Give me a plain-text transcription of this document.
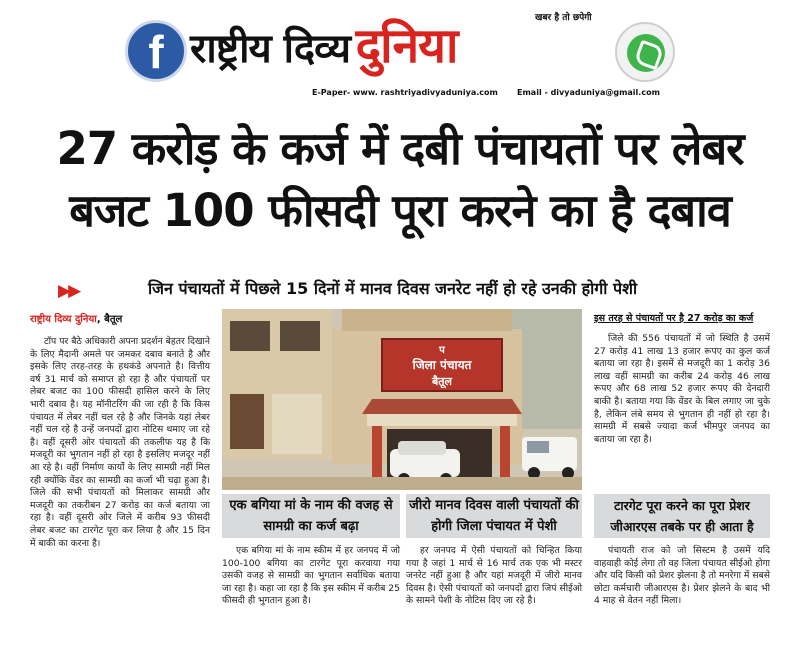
f राष्ट्रीय दिव्य दुनिया	खबर है तो छपेगी
E-Paper- www. rashtriyadivyaduniya.com Email - divyaduniya@gmail.com
27 करोड़ के कर्ज में दबी पंचायतों पर लेबर
बजट 100 फीसदी पूरा करने का है दबाव
▶▶	जिन पंचायतों में पिछले 15 दिनों में मानव दिवस जनरेट नहीं हो रहे उनकी होगी पेशी
राष्ट्रीय दिव्य दुनिया, बैतूल

टॉप पर बैठे अधिकारी अपना प्रदर्शन बेहतर दिखाने के लिए मैदानी अमले पर जमकर दबाव बनाते है और इसके लिए तरह-तरह के हथकंडे अपनाते है। वित्तीय वर्ष 31 मार्च को समाप्त हो रहा है और पंचायतों पर लेबर बजट का 100 फीसदी हासिल करने के लिए भारी दबाव है। यह मॉनीटरिंग की जा रही है कि किस पंचायत में लेबर नहीं चल रहे है और जिनके यहां लेबर नहीं चल रहे है उन्हें जनपदों द्वारा नोटिस थमाए जा रहे है। वहीं दूसरी ओर पंचायतों की तकलीफ यह है कि मजदूरी का भुगतान नहीं हो रहा है इसलिए मजदूर नहीं आ रहे है। वहीं निर्माण कार्यो के लिए सामग्री नहीं मिल रही क्योंकि वेंडर का सामग्री का कर्जा भी चढ़ा हुआ है। जिले की सभी पंचायतों को मिलाकर सामग्री और मजदूरी का तकरीबन 27 करोड़ का कर्ज बताया जा रहा है। वहीं दूसरी ओर जिले में करीब 93 फीसदी लेबर बजट का टारगेट पूरा कर लिया है और 15 दिन में बाकी का करना है।

प
जिला पंचायत
बैतूल
एक बगिया मां के नाम की वजह से सामग्री का कर्ज बढ़ा

एक बगिया मां के नाम स्कीम में हर जनपद में जो 100-100 बगिया का टारगेट पूरा करवाया गया उसकी वजह से सामग्री का भुगतान सर्वाधिक बताया जा रहा है। कहा जा रहा है कि इस स्कीम में करीब 25 फीसदी ही भुगतान हुआ है।

जीरो मानव दिवस वाली पंचायतों की होगी जिला पंचायत में पेशी

हर जनपद में ऐसी पंचायतों को चिन्हित किया गया है जहां 1 मार्च से 16 मार्च तक एक भी मस्टर जनरेट नहीं हुआ है और यहां मजदूरी में जीरो मानव दिवस है। ऐसी पंचायतों को जनपदों द्वारा जिपं सीईओ के सामने पेशी के नोटिस दिए जा रहे है।

इस तरह से पंचायतों पर है 27 करोड़ का कर्ज

जिले की 556 पंचायतों में जो स्थिति है उसमें 27 करोड़ 41 लाख 13 हजार रूपए का कुल कर्ज बताया जा रहा है। इसमें से मजदूरी का 1 करोड़ 36 लाख वहीं सामग्री का करीब 24 करोड़ 46 लाख रूपए और 68 लाख 52 हजार रूपए की देनदारी बाकी है। बताया गया कि वेंडर के बिल लगाए जा चुके है, लेकिन लंबे समय से भुगतान ही नहीं हो रहा है। सामग्री में सबसे ज्यादा कर्ज भीमपुर जनपद का बताया जा रहा है।

टारगेट पूरा करने का पूरा प्रेशर जीआरएस तबके पर ही आता है

पंचायती राज को जो सिस्टम है उसमें यदि वाहवाही कोई लेगा तो वह जिला पंचायत सीईओ होगा और यदि किसी को प्रेशर झेलना है तो मनरेगा में सबसे छोटा कर्मचारी जीआरएस है। प्रेशर झेलने के बाद भी 4 माह से वेतन नहीं मिला।
